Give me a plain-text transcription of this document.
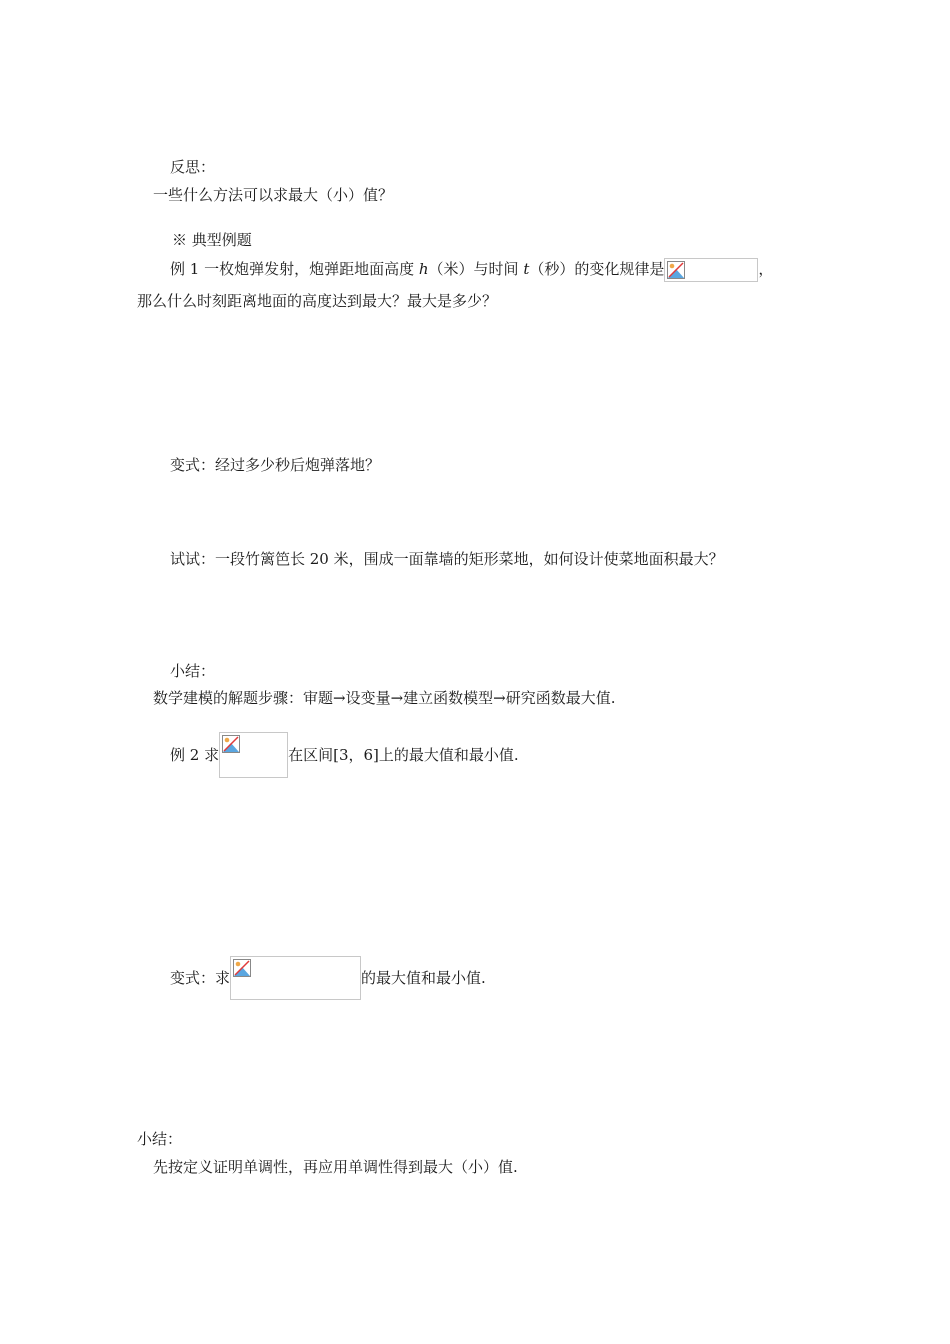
反思：
一些什么方法可以求最大（小）值？
※ 典型例题
例 1 一枚炮弹发射，炮弹距地面高度 h（米）与时间 t（秒）的变化规律是	，
那么什么时刻距离地面的高度达到最大？最大是多少？
变式：经过多少秒后炮弹落地？
试试：一段竹篱笆长 20 米，围成一面靠墙的矩形菜地，如何设计使菜地面积最大？
小结：
数学建模的解题步骤：审题→设变量→建立函数模型→研究函数最大值.
例 2 求	在区间[3，6]上的最大值和最小值.
变式：求	的最大值和最小值.
小结：
先按定义证明单调性，再应用单调性得到最大（小）值.
